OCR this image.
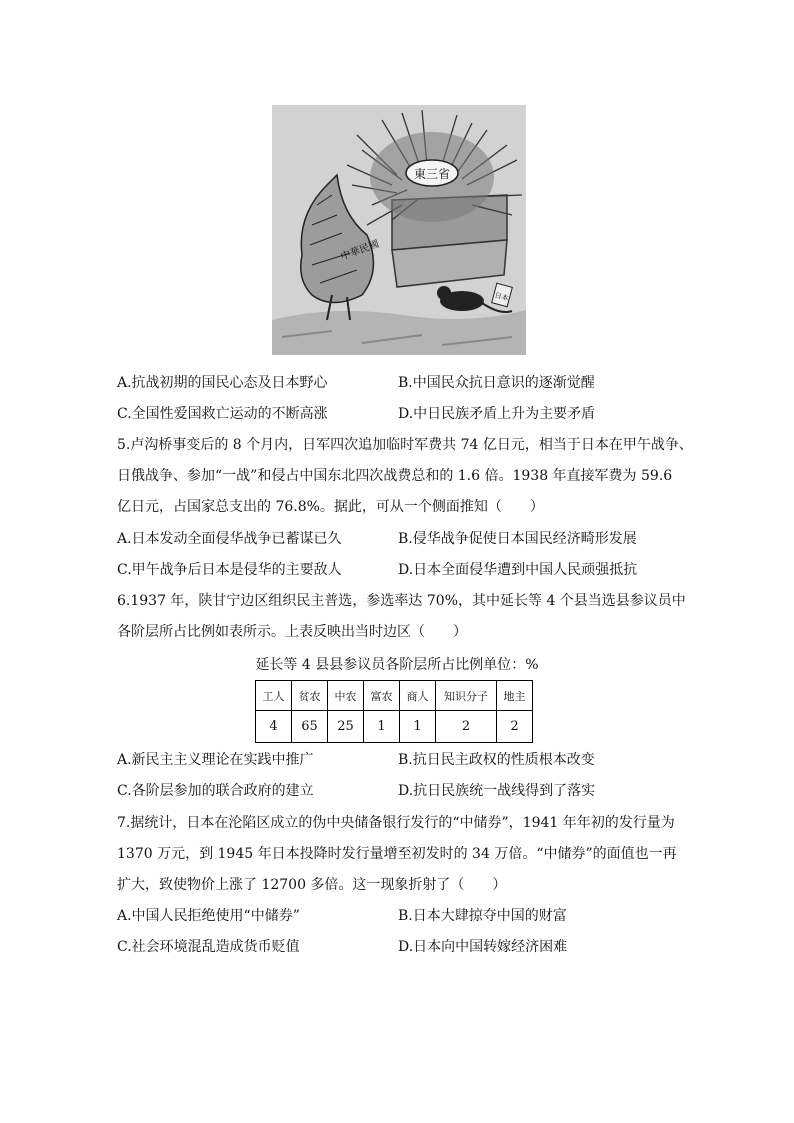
東三省
中華民國
日本
A.抗战初期的国民心态及日本野心	B.中国民众抗日意识的逐渐觉醒
C.全国性爱国救亡运动的不断高涨	D.中日民族矛盾上升为主要矛盾
5.卢沟桥事变后的 8 个月内，日军四次追加临时军费共 74 亿日元，相当于日本在甲午战争、
日俄战争、参加“一战”和侵占中国东北四次战费总和的 1.6 倍。1938 年直接军费为 59.6
亿日元，占国家总支出的 76.8%。据此，可从一个侧面推知（　　）
A.日本发动全面侵华战争已蓄谋已久	B.侵华战争促使日本国民经济畸形发展
C.甲午战争后日本是侵华的主要敌人	D.日本全面侵华遭到中国人民顽强抵抗
6.1937 年，陕甘宁边区组织民主普选，参选率达 70%，其中延长等 4 个县当选县参议员中
各阶层所占比例如表所示。上表反映出当时边区（　　）
延长等 4 县县参议员各阶层所占比例单位：%
工人	贫农	中农	富农	商人	知识分子	地主
4	65	25	1	1	2	2
A.新民主主义理论在实践中推广	B.抗日民主政权的性质根本改变
C.各阶层参加的联合政府的建立	D.抗日民族统一战线得到了落实
7.据统计，日本在沦陷区成立的伪中央储备银行发行的“中储券”，1941 年年初的发行量为
1370 万元，到 1945 年日本投降时发行量增至初发时的 34 万倍。“中储券”的面值也一再
扩大，致使物价上涨了 12700 多倍。这一现象折射了（　　）
A.中国人民拒绝使用“中储券”	B.日本大肆掠夺中国的财富
C.社会环境混乱造成货币贬值	D.日本向中国转嫁经济困难
